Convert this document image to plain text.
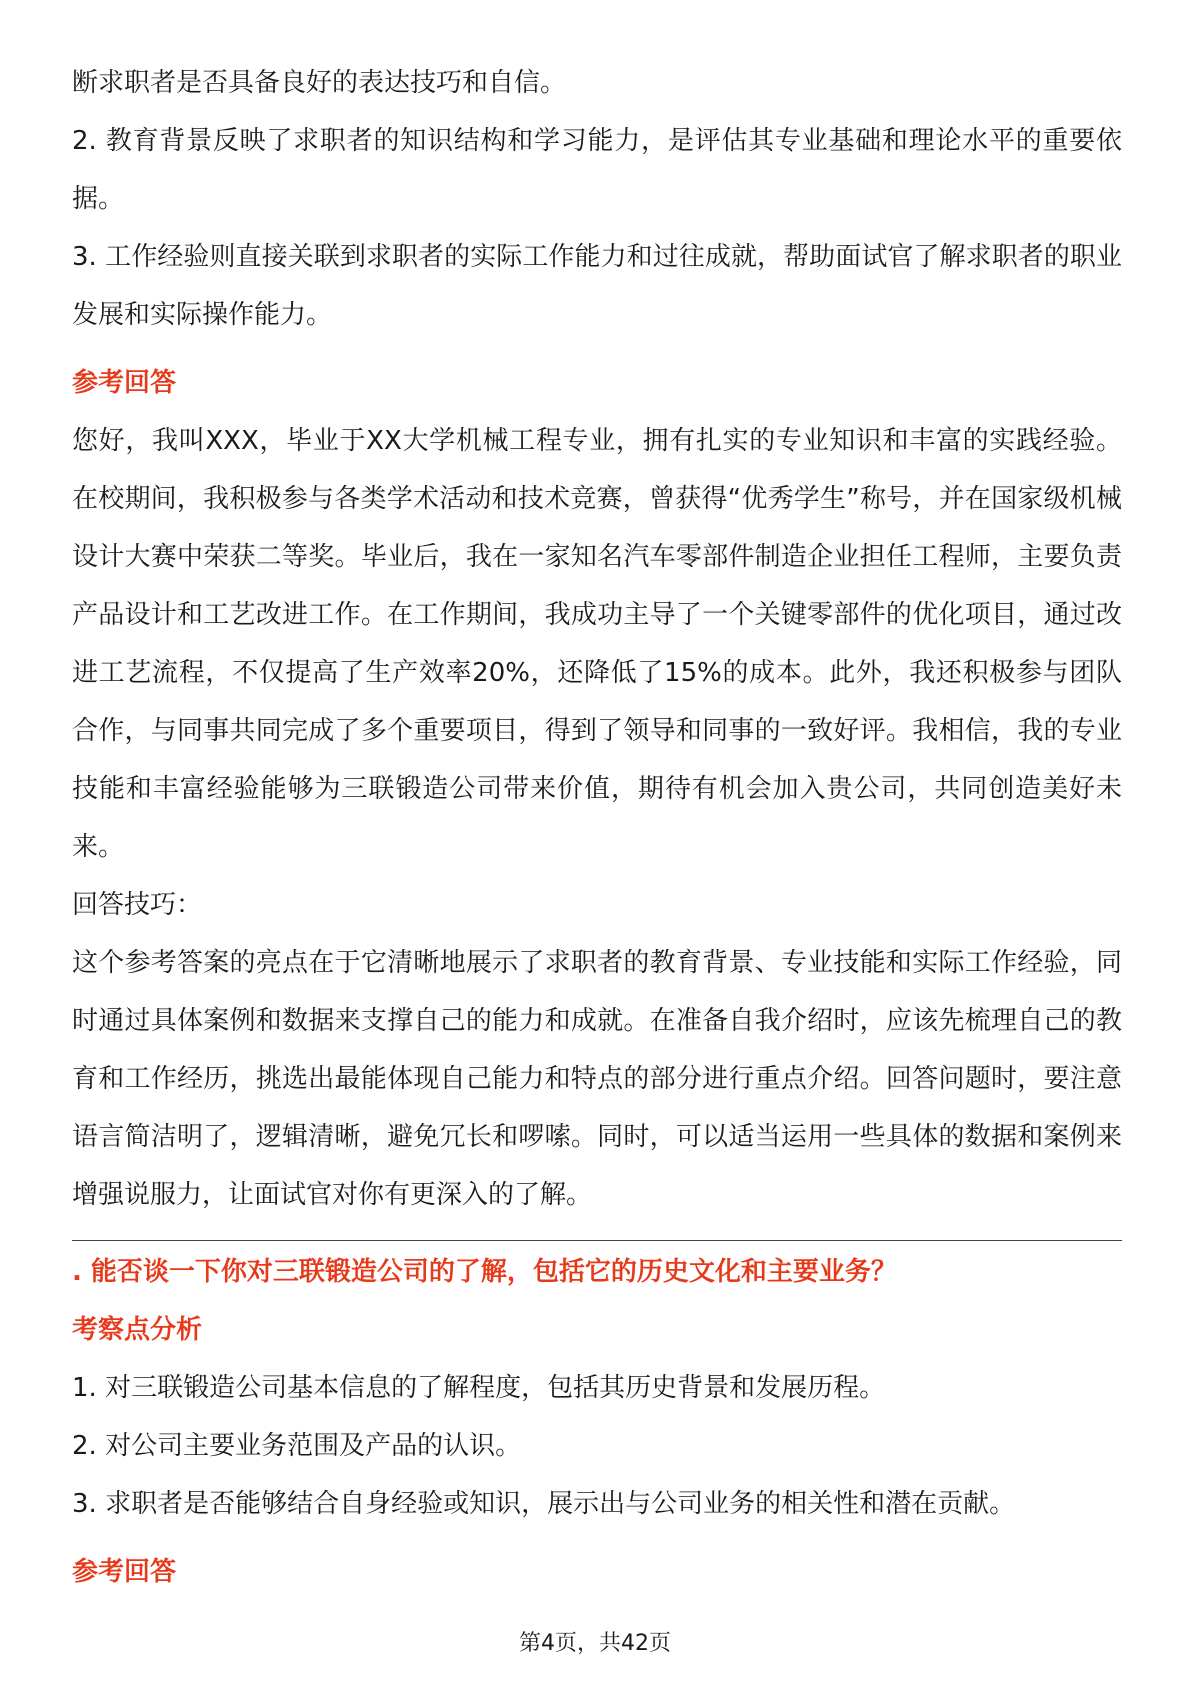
断求职者是否具备良好的表达技巧和自信。

2. 教育背景反映了求职者的知识结构和学习能力，是评估其专业基础和理论水平的重要依据。

3. 工作经验则直接关联到求职者的实际工作能力和过往成就，帮助面试官了解求职者的职业发展和实际操作能力。

参考回答

您好，我叫XXX，毕业于XX大学机械工程专业，拥有扎实的专业知识和丰富的实践经验。在校期间，我积极参与各类学术活动和技术竞赛，曾获得“优秀学生”称号，并在国家级机械设计大赛中荣获二等奖。毕业后，我在一家知名汽车零部件制造企业担任工程师，主要负责产品设计和工艺改进工作。在工作期间，我成功主导了一个关键零部件的优化项目，通过改进工艺流程，不仅提高了生产效率20%，还降低了15%的成本。此外，我还积极参与团队合作，与同事共同完成了多个重要项目，得到了领导和同事的一致好评。我相信，我的专业技能和丰富经验能够为三联锻造公司带来价值，期待有机会加入贵公司，共同创造美好未来。

回答技巧：

这个参考答案的亮点在于它清晰地展示了求职者的教育背景、专业技能和实际工作经验，同时通过具体案例和数据来支撑自己的能力和成就。在准备自我介绍时，应该先梳理自己的教育和工作经历，挑选出最能体现自己能力和特点的部分进行重点介绍。回答问题时，要注意语言简洁明了，逻辑清晰，避免冗长和啰嗦。同时，可以适当运用一些具体的数据和案例来增强说服力，让面试官对你有更深入的了解。

. 能否谈一下你对三联锻造公司的了解，包括它的历史文化和主要业务？

考察点分析

1. 对三联锻造公司基本信息的了解程度，包括其历史背景和发展历程。

2. 对公司主要业务范围及产品的认识。

3. 求职者是否能够结合自身经验或知识，展示出与公司业务的相关性和潜在贡献。

参考回答

第4页，共42页
